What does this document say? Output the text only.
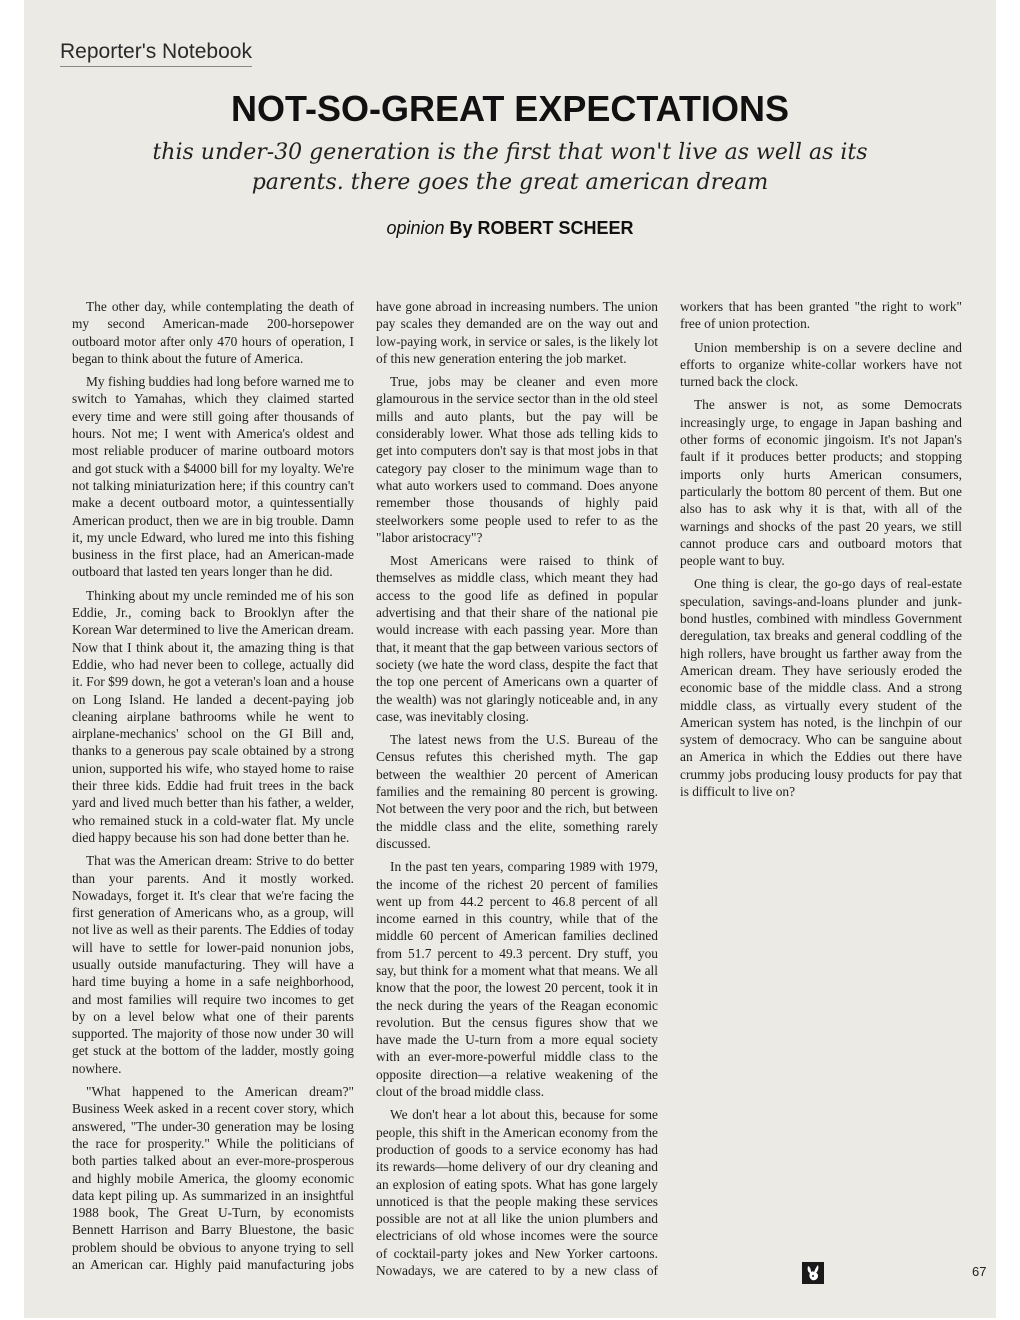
Reporter's Notebook
NOT-SO-GREAT EXPECTATIONS
this under-30 generation is the first that won't live as well as its parents. there goes the great american dream
opinion By ROBERT SCHEER

The other day, while contemplating the death of my second American-made 200-horsepower outboard motor after only 470 hours of operation, I began to think about the future of America.

My fishing buddies had long before warned me to switch to Yamahas, which they claimed started every time and were still going after thousands of hours. Not me; I went with America's oldest and most reliable producer of marine outboard motors and got stuck with a $4000 bill for my loyalty. We're not talking miniaturization here; if this country can't make a decent outboard motor, a quintessentially American product, then we are in big trouble. Damn it, my uncle Edward, who lured me into this fishing business in the first place, had an American-made outboard that lasted ten years longer than he did.

Thinking about my uncle reminded me of his son Eddie, Jr., coming back to Brooklyn after the Korean War determined to live the American dream. Now that I think about it, the amazing thing is that Eddie, who had never been to college, actually did it. For $99 down, he got a veteran's loan and a house on Long Island. He landed a decent-paying job cleaning airplane bathrooms while he went to airplane-mechanics' school on the GI Bill and, thanks to a generous pay scale obtained by a strong union, supported his wife, who stayed home to raise their three kids. Eddie had fruit trees in the back yard and lived much better than his father, a welder, who remained stuck in a cold-water flat. My uncle died happy because his son had done better than he.

That was the American dream: Strive to do better than your parents. And it mostly worked. Nowadays, forget it. It's clear that we're facing the first generation of Americans who, as a group, will not live as well as their parents. The Eddies of today will have to settle for lower-paid nonunion jobs, usually outside manufacturing. They will have a hard time buying a home in a safe neighborhood, and most families will require two incomes to get by on a level below what one of their parents supported. The majority of those now under 30 will get stuck at the bottom of the ladder, mostly going nowhere.

"What happened to the American dream?" Business Week asked in a recent cover story, which answered, "The under-30 generation may be losing the race for prosperity." While the politicians of both parties talked about an ever-more-prosperous and highly mobile America, the gloomy economic data kept piling up. As summarized in an insightful 1988 book, The Great U-Turn, by economists Bennett Harrison and Barry Bluestone, the basic problem should be obvious to anyone trying to sell an American car. Highly paid manufacturing jobs have gone abroad in increasing numbers. The union pay scales they demanded are on the way out and low-paying work, in service or sales, is the likely lot of this new generation entering the job market.

True, jobs may be cleaner and even more glamourous in the service sector than in the old steel mills and auto plants, but the pay will be considerably lower. What those ads telling kids to get into computers don't say is that most jobs in that category pay closer to the minimum wage than to what auto workers used to command. Does anyone remember those thousands of highly paid steelworkers some people used to refer to as the "labor aristocracy"?

Most Americans were raised to think of themselves as middle class, which meant they had access to the good life as defined in popular advertising and that their share of the national pie would increase with each passing year. More than that, it meant that the gap between various sectors of society (we hate the word class, despite the fact that the top one percent of Americans own a quarter of the wealth) was not glaringly noticeable and, in any case, was inevitably closing.

The latest news from the U.S. Bureau of the Census refutes this cherished myth. The gap between the wealthier 20 percent of American families and the remaining 80 percent is growing. Not between the very poor and the rich, but between the middle class and the elite, something rarely discussed.

In the past ten years, comparing 1989 with 1979, the income of the richest 20 percent of families went up from 44.2 percent to 46.8 percent of all income earned in this country, while that of the middle 60 percent of American families declined from 51.7 percent to 49.3 percent. Dry stuff, you say, but think for a moment what that means. We all know that the poor, the lowest 20 percent, took it in the neck during the years of the Reagan economic revolution. But the census figures show that we have made the U-turn from a more equal society with an ever-more-powerful middle class to the opposite direction—a relative weakening of the clout of the broad middle class.

We don't hear a lot about this, because for some people, this shift in the American economy from the production of goods to a service economy has had its rewards—home delivery of our dry cleaning and an explosion of eating spots. What has gone largely unnoticed is that the people making these services possible are not at all like the union plumbers and electricians of old whose incomes were the source of cocktail-party jokes and New Yorker cartoons. Nowadays, we are catered to by a new class of workers that has been granted "the right to work" free of union protection.

Union membership is on a severe decline and efforts to organize white-collar workers have not turned back the clock.

The answer is not, as some Democrats increasingly urge, to engage in Japan bashing and other forms of economic jingoism. It's not Japan's fault if it produces better products; and stopping imports only hurts American consumers, particularly the bottom 80 percent of them. But one also has to ask why it is that, with all of the warnings and shocks of the past 20 years, we still cannot produce cars and outboard motors that people want to buy.

One thing is clear, the go-go days of real-estate speculation, savings-and-loans plunder and junk-bond hustles, combined with mindless Government deregulation, tax breaks and general coddling of the high rollers, have brought us farther away from the American dream. They have seriously eroded the economic base of the middle class. And a strong middle class, as virtually every student of the American system has noted, is the linchpin of our system of democracy. Who can be sanguine about an America in which the Eddies out there have crummy jobs producing lousy products for pay that is difficult to live on?

67
